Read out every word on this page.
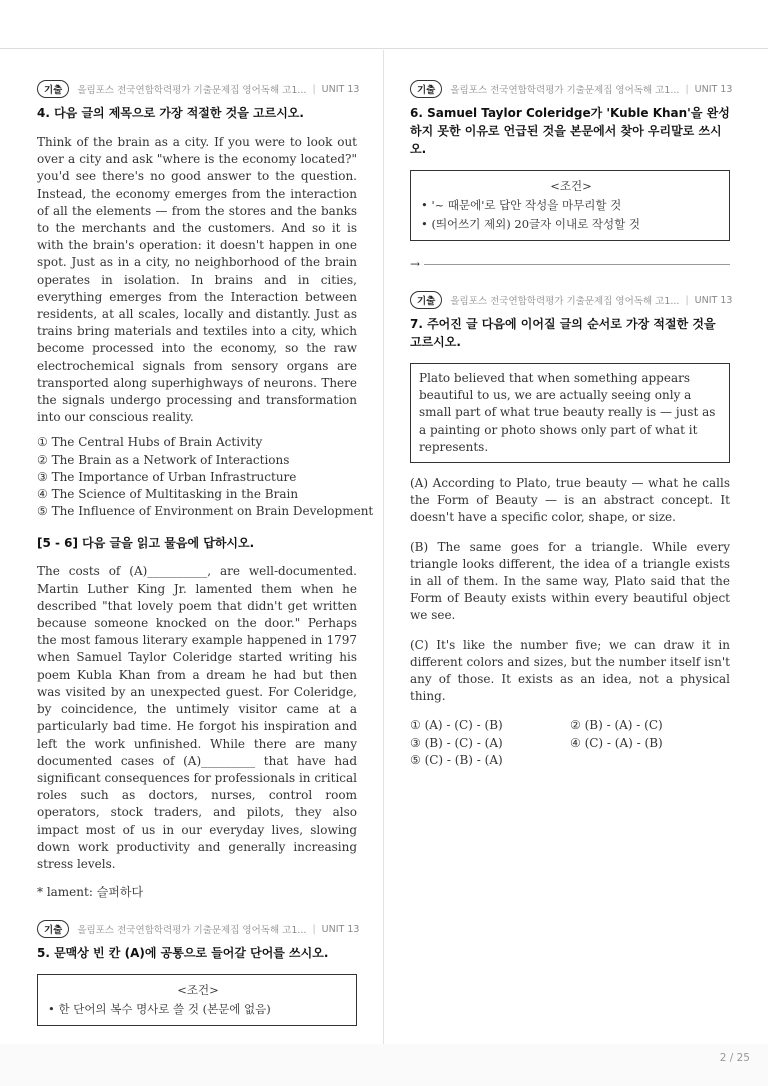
기출	올림포스 전국연합학력평가 기출문제집 영어독해 고1... | UNIT 13
4. 다음 글의 제목으로 가장 적절한 것을 고르시오.
Think of the brain as a city. If you were to look out over a city and ask "where is the economy located?" you'd see there's no good answer to the question. Instead, the economy emerges from the interaction of all the elements — from the stores and the banks to the merchants and the customers. And so it is with the brain's operation: it doesn't happen in one spot. Just as in a city, no neighborhood of the brain operates in isolation. In brains and in cities, everything emerges from the Interaction between residents, at all scales, locally and distantly. Just as trains bring materials and textiles into a city, which become processed into the economy, so the raw electrochemical signals from sensory organs are transported along superhighways of neurons. There the signals undergo processing and transformation into our conscious reality.
① The Central Hubs of Brain Activity
② The Brain as a Network of Interactions
③ The Importance of Urban Infrastructure
④ The Science of Multitasking in the Brain
⑤ The Influence of Environment on Brain Development
[5 - 6] 다음 글을 읽고 물음에 답하시오.
The costs of (A)__________, are well-documented. Martin Luther King Jr. lamented them when he described "that lovely poem that didn't get written because someone knocked on the door." Perhaps the most famous literary example happened in 1797 when Samuel Taylor Coleridge started writing his poem Kubla Khan from a dream he had but then was visited by an unexpected guest. For Coleridge, by coincidence, the untimely visitor came at a particularly bad time. He forgot his inspiration and left the work unfinished. While there are many documented cases of (A)_________ that have had significant consequences for professionals in critical roles such as doctors, nurses, control room operators, stock traders, and pilots, they also impact most of us in our everyday lives, slowing down work productivity and generally increasing stress levels.
* lament: 슬퍼하다
기출	올림포스 전국연합학력평가 기출문제집 영어독해 고1... | UNIT 13
5. 문맥상 빈 칸 (A)에 공통으로 들어갈 단어를 쓰시오.
<조건>
• 한 단어의 복수 명사로 쓸 것 (본문에 없음)
기출	올림포스 전국연합학력평가 기출문제집 영어독해 고1... | UNIT 13
6. Samuel Taylor Coleridge가 'Kuble Khan'을 완성하지 못한 이유로 언급된 것을 본문에서 찾아 우리말로 쓰시오.
<조건>
• '~ 때문에'로 답안 작성을 마무리할 것
• (띄어쓰기 제외) 20글자 이내로 작성할 것
→
기출	올림포스 전국연합학력평가 기출문제집 영어독해 고1... | UNIT 13
7. 주어진 글 다음에 이어질 글의 순서로 가장 적절한 것을 고르시오.
Plato believed that when something appears beautiful to us, we are actually seeing only a small part of what true beauty really is — just as a painting or photo shows only part of what it represents.
(A) According to Plato, true beauty — what he calls the Form of Beauty — is an abstract concept. It doesn't have a specific color, shape, or size.
(B) The same goes for a triangle. While every triangle looks different, the idea of a triangle exists in all of them. In the same way, Plato said that the Form of Beauty exists within every beautiful object we see.
(C) It's like the number five; we can draw it in different colors and sizes, but the number itself isn't any of those. It exists as an idea, not a physical thing.
① (A) - (C) - (B)	② (B) - (A) - (C)
③ (B) - (C) - (A)	④ (C) - (A) - (B)
⑤ (C) - (B) - (A)
2 / 25
